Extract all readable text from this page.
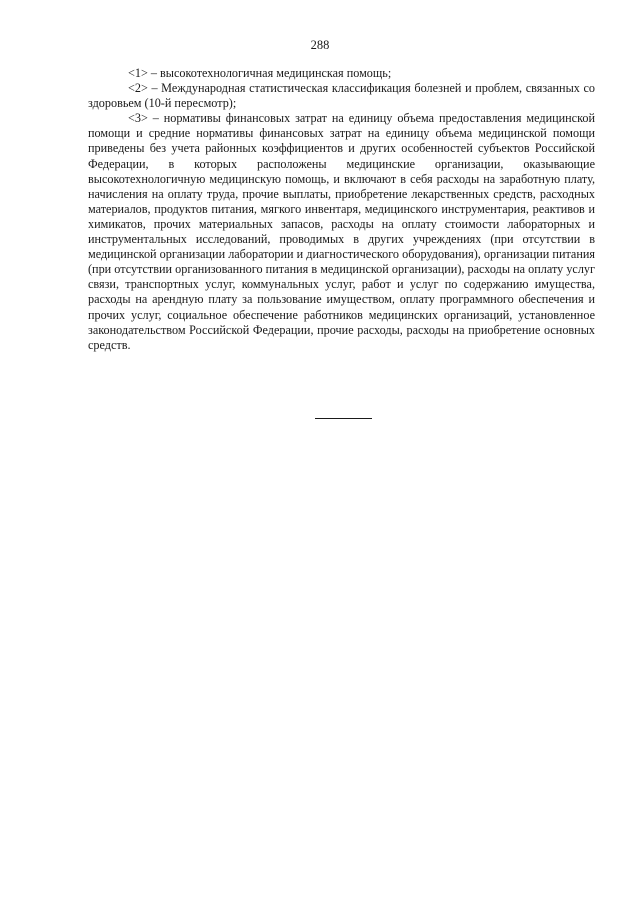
288

<1> – высокотехнологичная медицинская помощь;

<2> – Международная статистическая классификация болезней и проблем, связанных со здоровьем (10-й пересмотр);

<3> – нормативы финансовых затрат на единицу объема предоставления медицинской помощи и средние нормативы финансовых затрат на единицу объема медицинской помощи приведены без учета районных коэффициентов и других особенностей субъектов Российской Федерации, в которых расположены медицинские организации, оказывающие высокотехнологичную медицинскую помощь, и включают в себя расходы на заработную плату, начисления на оплату труда, прочие выплаты, приобретение лекарственных средств, расходных материалов, продуктов питания, мягкого инвентаря, медицинского инструментария, реактивов и химикатов, прочих материальных запасов, расходы на оплату стоимости лабораторных и инструментальных исследований, проводимых в других учреждениях (при отсутствии в медицинской организации лаборатории и диагностического оборудования), организации питания (при отсутствии организованного питания в медицинской организации), расходы на оплату услуг связи, транспортных услуг, коммунальных услуг, работ и услуг по содержанию имущества, расходы на арендную плату за пользование имуществом, оплату программного обеспечения и прочих услуг, социальное обеспечение работников медицинских организаций, установленное законодательством Российской Федерации, прочие расходы, расходы на приобретение основных средств.
